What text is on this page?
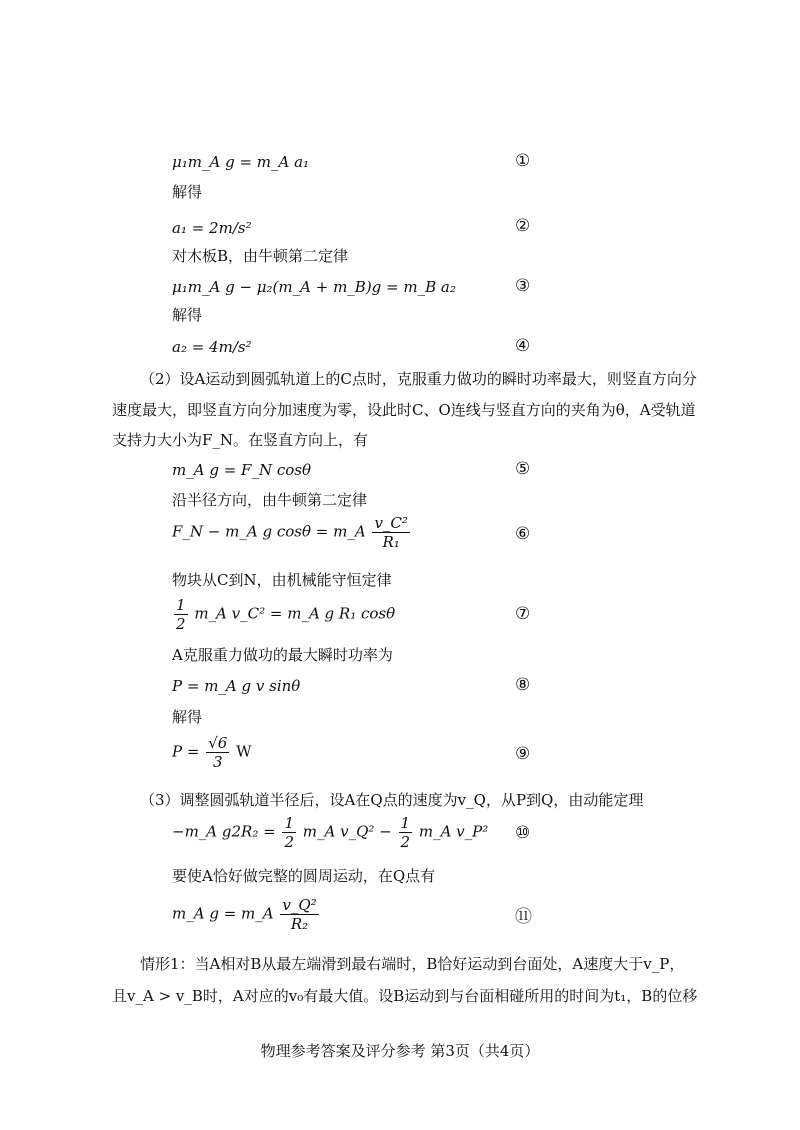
μ₁m_A g = m_A a₁	①
解得
a₁ = 2m/s²	②
对木板B，由牛顿第二定律
μ₁m_A g − μ₂(m_A + m_B)g = m_B a₂	③
解得
a₂ = 4m/s²	④
（2）设A运动到圆弧轨道上的C点时，克服重力做功的瞬时功率最大，则竖直方向分
速度最大，即竖直方向分加速度为零，设此时C、O连线与竖直方向的夹角为θ，A受轨道
支持力大小为F_N。在竖直方向上，有
m_A g = F_N cosθ	⑤
沿半径方向，由牛顿第二定律
F_N − m_A g cosθ = m_A $\frac{\text{v\_C²}}{\text{R₁}}$	⑥
物块从C到N，由机械能守恒定律
$\frac{1}{2}$ m_A v_C² = m_A g R₁ cosθ	⑦
A克服重力做功的最大瞬时功率为
P = m_A g v sinθ	⑧
解得
$P = \frac{√6}{3}$ W	⑨
（3）调整圆弧轨道半径后，设A在Q点的速度为v_Q，从P到Q，由动能定理
−m_A $g2R_2 = \frac{1}{2}$ m_A v_Q² − $\frac{1}{2}$ m_A v_P² ⑩
要使A恰好做完整的圆周运动，在Q点有
m_A g = m_A $\frac{\text{v\_Q²}}{\text{R₂}}$	⑪
情形1：当A相对B从最左端滑到最右端时，B恰好运动到台面处，A速度大于v_P，
且v_A > v_B时，A对应的v₀有最大值。设B运动到与台面相碰所用的时间为t₁，B的位移
物理参考答案及评分参考 第3页（共4页）
